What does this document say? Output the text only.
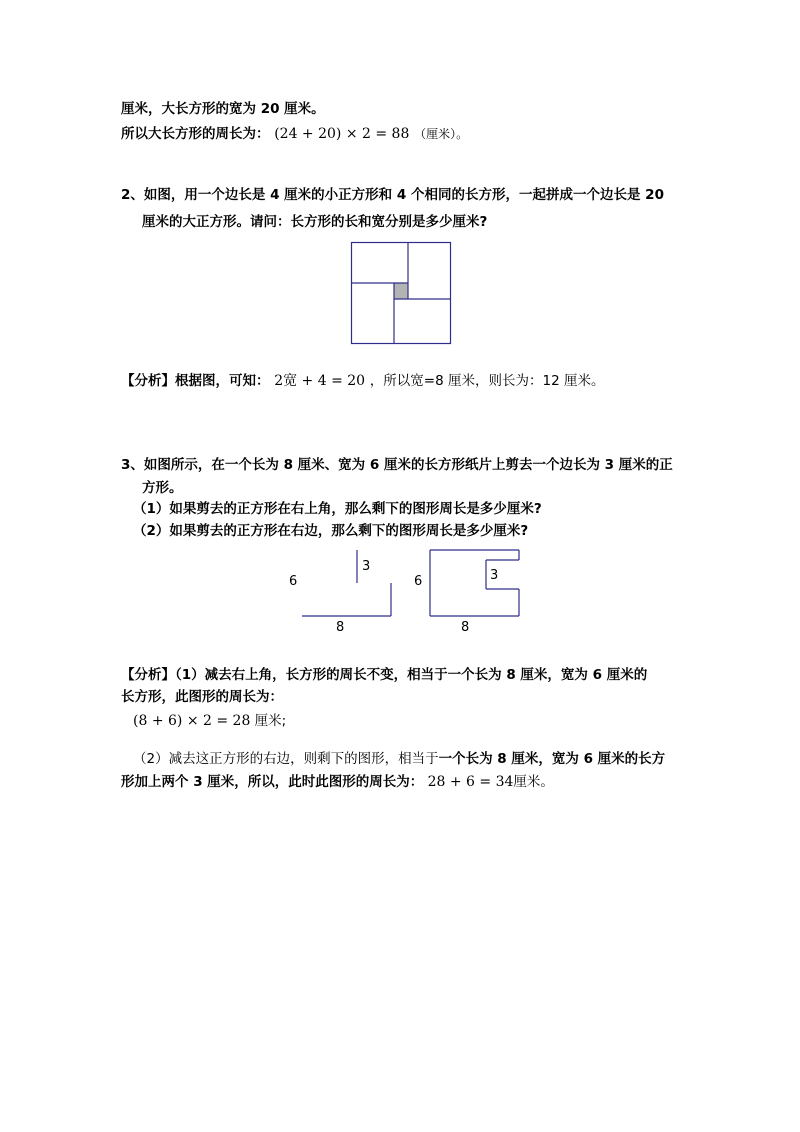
厘米，大长方形的宽为 20 厘米。
所以大长方形的周长为： (24 + 20) × 2 = 88 （厘米）。
2、如图，用一个边长是 4 厘米的小正方形和 4 个相同的长方形，一起拼成一个边长是 20
厘米的大正方形。请问：长方形的长和宽分别是多少厘米?
【分析】根据图，可知： 2宽 + 4 = 20 ，所以宽=8 厘米，则长为：12 厘米。
3、如图所示，在一个长为 8 厘米、宽为 6 厘米的长方形纸片上剪去一个边长为 3 厘米的正
方形。
（1）如果剪去的正方形在右上角，那么剩下的图形周长是多少厘米?
（2）如果剪去的正方形在右边，那么剩下的图形周长是多少厘米?
6
3
8
6	3
8
【分析】（1）减去右上角，长方形的周长不变，相当于一个长为 8 厘米，宽为 6 厘米的
长方形，此图形的周长为：
(8 + 6) × 2 = 28 厘米;
（2）减去这正方形的右边，则剩下的图形，相当于一个长为 8 厘米，宽为 6 厘米的长方
形加上两个 3 厘米，所以，此时此图形的周长为： 28 + 6 = 34厘米。
